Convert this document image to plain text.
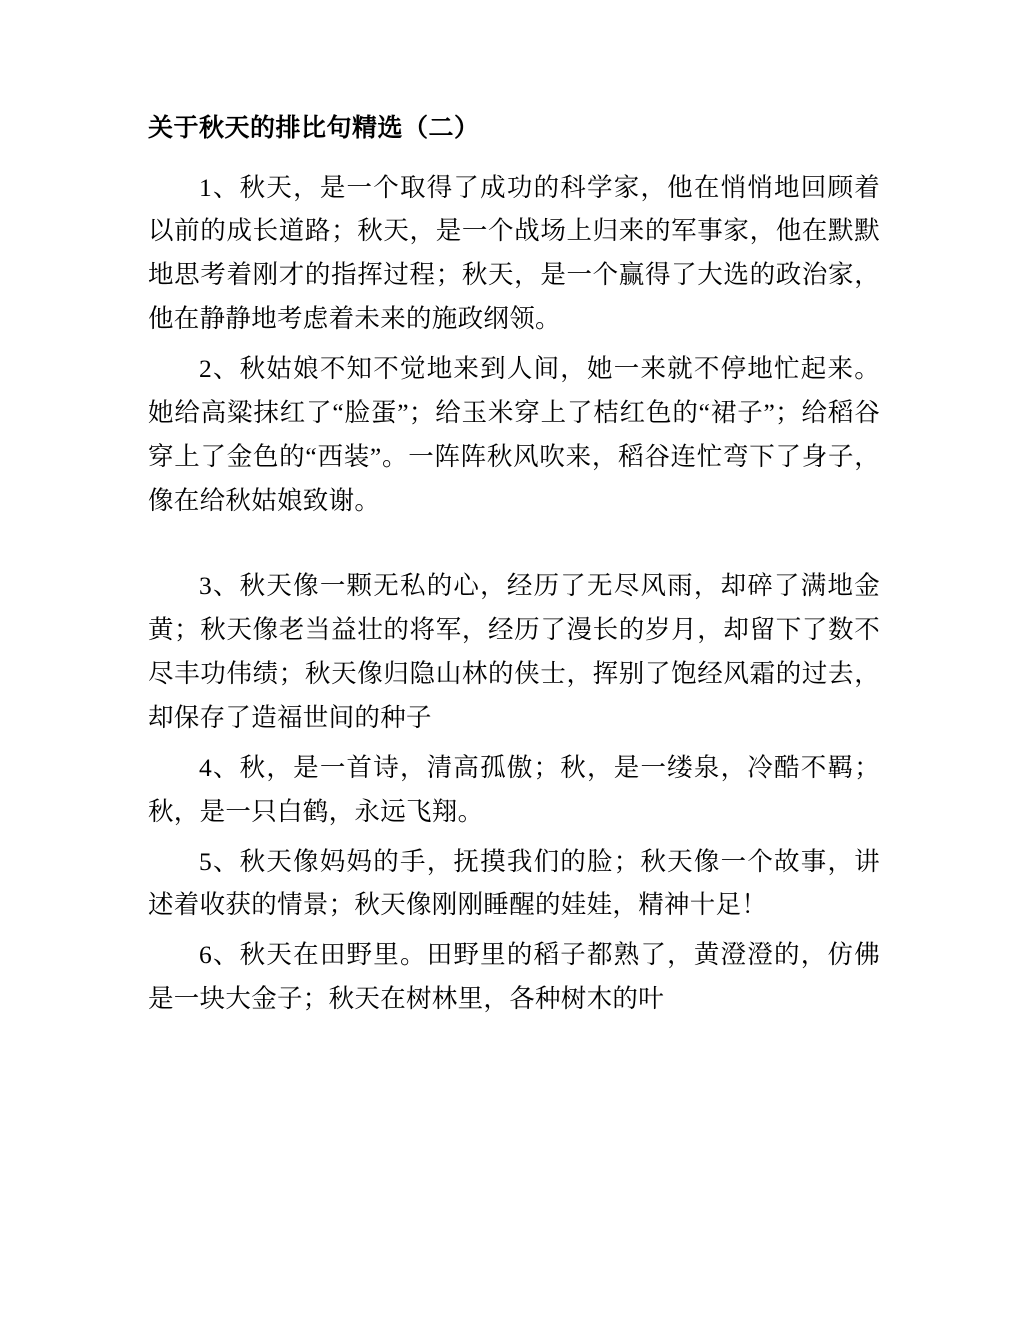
关于秋天的排比句精选（二）

1、秋天，是一个取得了成功的科学家，他在悄悄地回顾着以前的成长道路；秋天，是一个战场上归来的军事家，他在默默地思考着刚才的指挥过程；秋天，是一个赢得了大选的政治家，他在静静地考虑着未来的施政纲领。

2、秋姑娘不知不觉地来到人间，她一来就不停地忙起来。 她给高粱抹红了“脸蛋”；给玉米穿上了桔红色的“裙子”；给稻谷穿上了金色的“西装”。一阵阵秋风吹来，稻谷连忙弯下了身子，像在给秋姑娘致谢。

3、秋天像一颗无私的心，经历了无尽风雨，却碎了满地金黄；秋天像老当益壮的将军，经历了漫长的岁月，却留下了数不尽丰功伟绩；秋天像归隐山林的侠士，挥别了饱经风霜的过去，却保存了造福世间的种子

4、秋，是一首诗，清高孤傲；秋，是一缕泉，冷酷不羁；秋，是一只白鹤，永远飞翔。

5、秋天像妈妈的手，抚摸我们的脸；秋天像一个故事，讲述着收获的情景；秋天像刚刚睡醒的娃娃，精神十足！

6、秋天在田野里。田野里的稻子都熟了，黄澄澄的，仿佛是一块大金子；秋天在树林里，各种树木的叶
